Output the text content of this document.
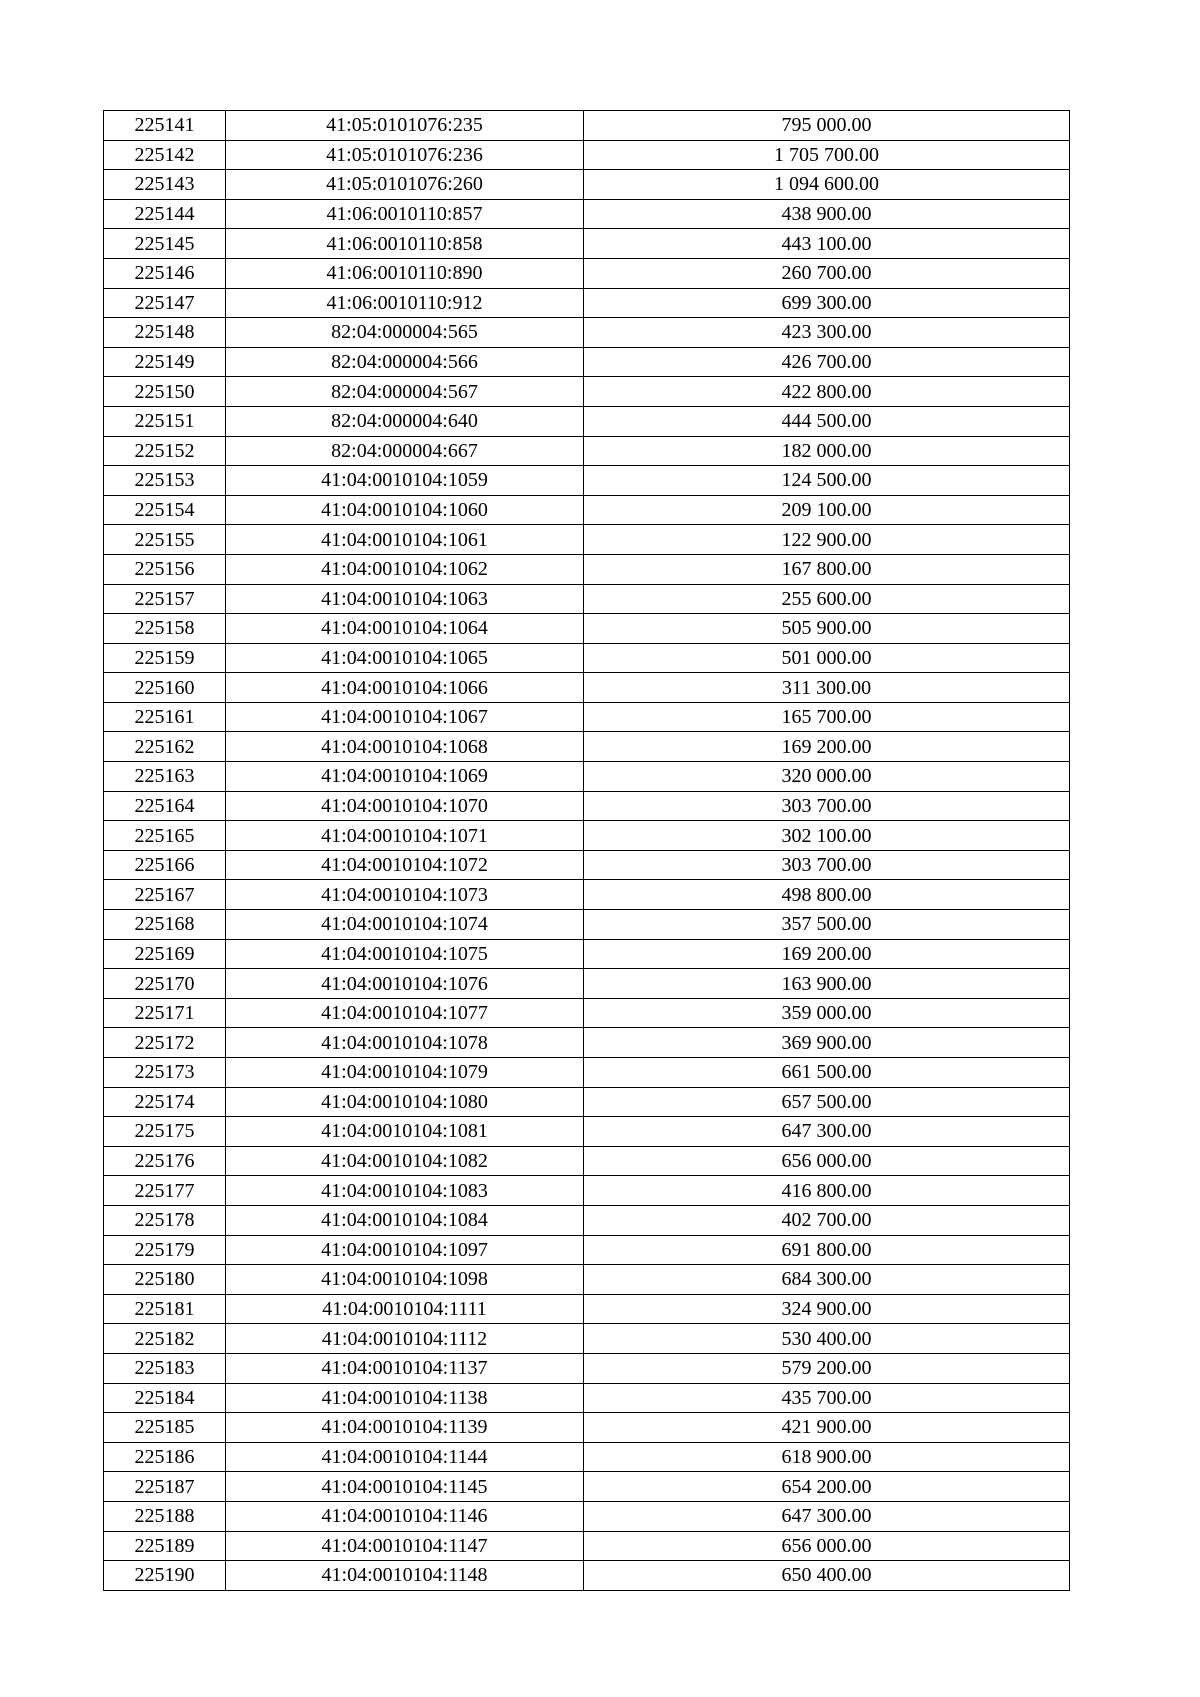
225141	41:05:0101076:235	795 000.00
225142	41:05:0101076:236	1 705 700.00
225143	41:05:0101076:260	1 094 600.00
225144	41:06:0010110:857	438 900.00
225145	41:06:0010110:858	443 100.00
225146	41:06:0010110:890	260 700.00
225147	41:06:0010110:912	699 300.00
225148	82:04:000004:565	423 300.00
225149	82:04:000004:566	426 700.00
225150	82:04:000004:567	422 800.00
225151	82:04:000004:640	444 500.00
225152	82:04:000004:667	182 000.00
225153	41:04:0010104:1059	124 500.00
225154	41:04:0010104:1060	209 100.00
225155	41:04:0010104:1061	122 900.00
225156	41:04:0010104:1062	167 800.00
225157	41:04:0010104:1063	255 600.00
225158	41:04:0010104:1064	505 900.00
225159	41:04:0010104:1065	501 000.00
225160	41:04:0010104:1066	311 300.00
225161	41:04:0010104:1067	165 700.00
225162	41:04:0010104:1068	169 200.00
225163	41:04:0010104:1069	320 000.00
225164	41:04:0010104:1070	303 700.00
225165	41:04:0010104:1071	302 100.00
225166	41:04:0010104:1072	303 700.00
225167	41:04:0010104:1073	498 800.00
225168	41:04:0010104:1074	357 500.00
225169	41:04:0010104:1075	169 200.00
225170	41:04:0010104:1076	163 900.00
225171	41:04:0010104:1077	359 000.00
225172	41:04:0010104:1078	369 900.00
225173	41:04:0010104:1079	661 500.00
225174	41:04:0010104:1080	657 500.00
225175	41:04:0010104:1081	647 300.00
225176	41:04:0010104:1082	656 000.00
225177	41:04:0010104:1083	416 800.00
225178	41:04:0010104:1084	402 700.00
225179	41:04:0010104:1097	691 800.00
225180	41:04:0010104:1098	684 300.00
225181	41:04:0010104:1111	324 900.00
225182	41:04:0010104:1112	530 400.00
225183	41:04:0010104:1137	579 200.00
225184	41:04:0010104:1138	435 700.00
225185	41:04:0010104:1139	421 900.00
225186	41:04:0010104:1144	618 900.00
225187	41:04:0010104:1145	654 200.00
225188	41:04:0010104:1146	647 300.00
225189	41:04:0010104:1147	656 000.00
225190	41:04:0010104:1148	650 400.00
